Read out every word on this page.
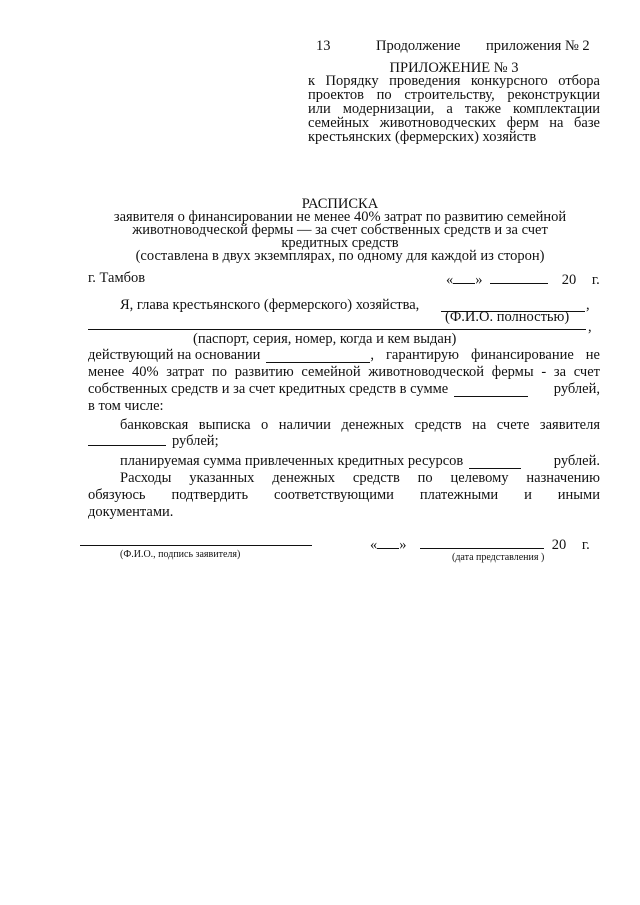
13	Продолжение приложения № 2
ПРИЛОЖЕНИЕ № 3
к Порядку проведения конкурсного отбора
проектов по строительству, реконструкции
или модернизации, а также комплектации
семейных животноводческих ферм на базе
крестьянских (фермерских) хозяйств
РАСПИСКА
заявителя о финансировании не менее 40% затрат по развитию семейной
животноводческой фермы — за счет собственных средств и за счет
кредитных средств
(составлена в двух экземплярах, по одному для каждой из сторон)
г. Тамбов	« »	20 г.
Я, глава крестьянского (фермерского) хозяйства,	,
(Ф.И.О. полностью)
,
(паспорт, серия, номер, когда и кем выдан)
действующий на основании	, гарантирую финансирование не
менее 40% затрат по развитию семейной животноводческой фермы - за счет
собственных средств и за счет кредитных средств в сумме	рублей,
в том числе:
банковская выписка о наличии денежных средств на счете заявителя
рублей;
планируемая сумма привлеченных кредитных ресурсов	рублей.
Расходы указанных денежных средств по целевому назначению
обязуюсь подтвердить соответствующими платежными и иными
документами.
(Ф.И.О., подпись заявителя)
« »	20 г.
(дата представления )
